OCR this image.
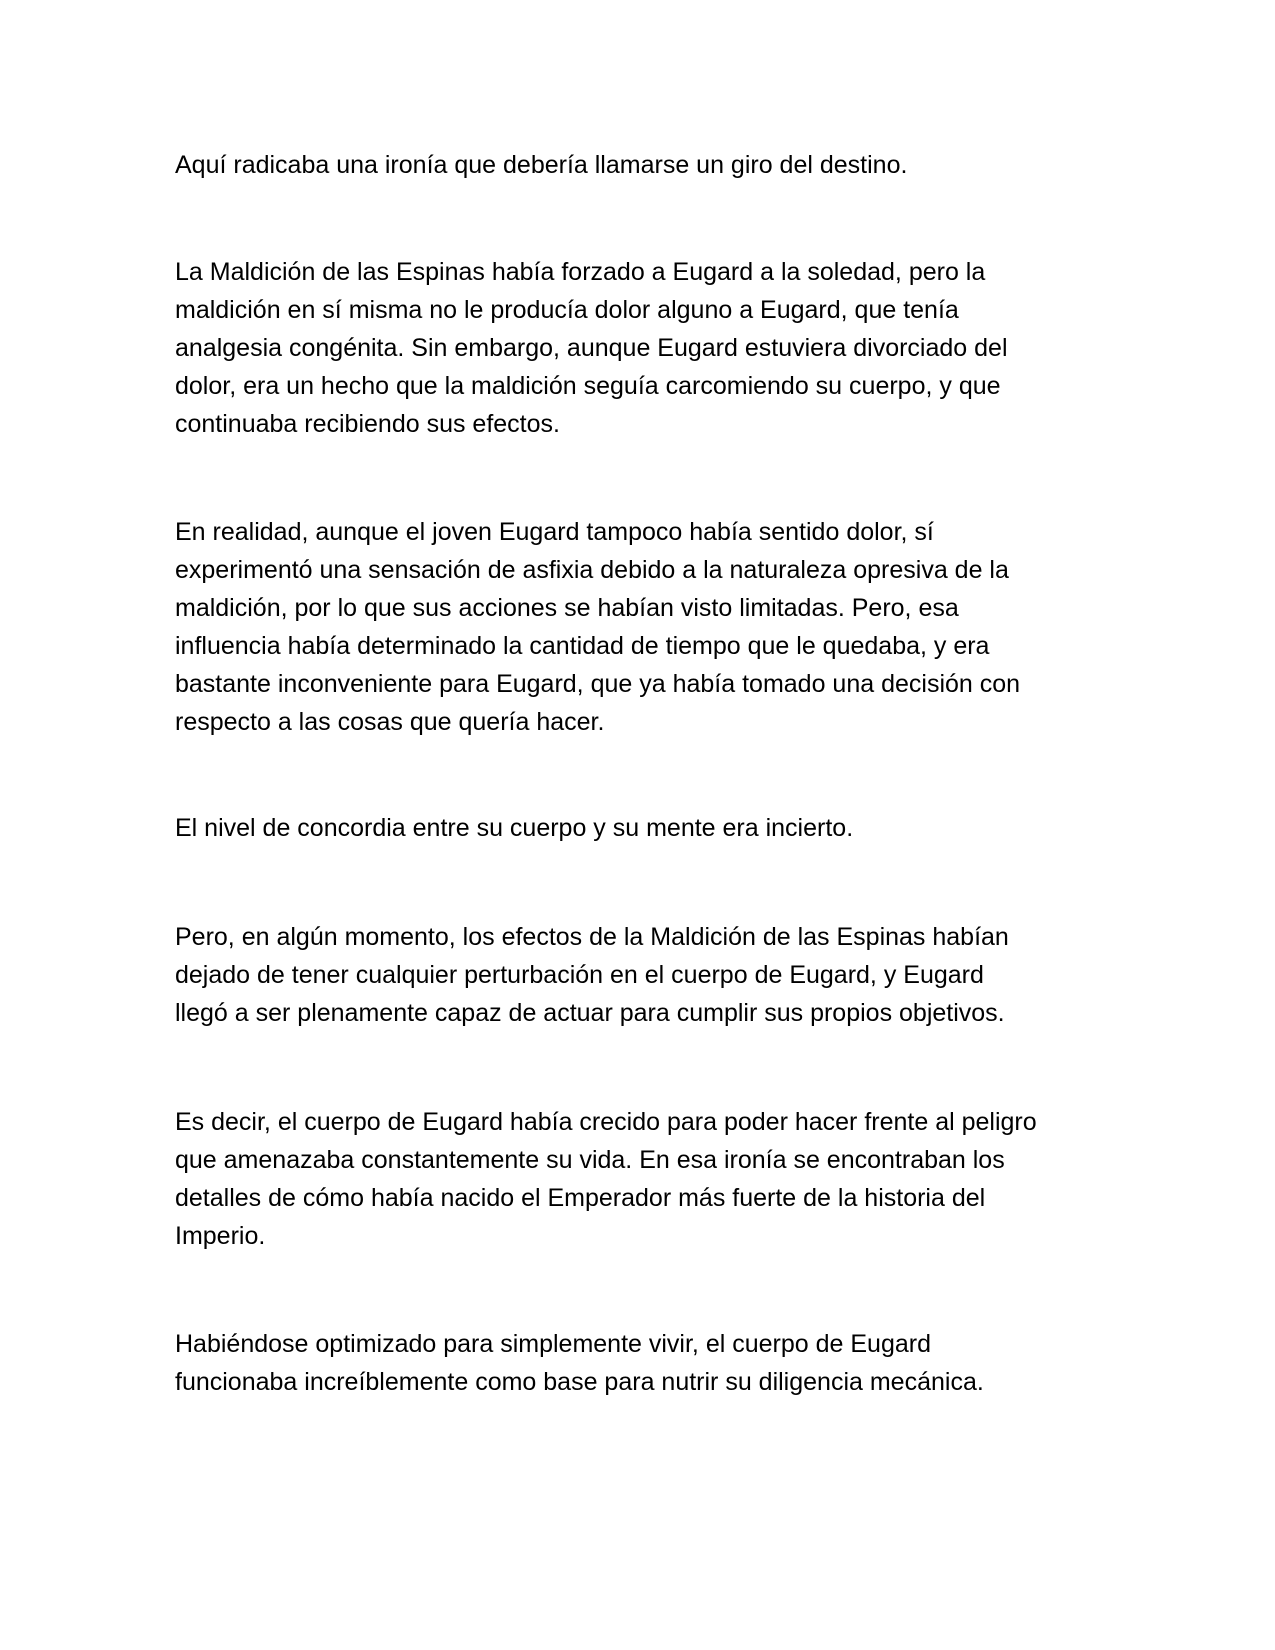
Aquí radicaba una ironía que debería llamarse un giro del destino.

La Maldición de las Espinas había forzado a Eugard a la soledad, pero la
maldición en sí misma no le producía dolor alguno a Eugard, que tenía
analgesia congénita. Sin embargo, aunque Eugard estuviera divorciado del
dolor, era un hecho que la maldición seguía carcomiendo su cuerpo, y que
continuaba recibiendo sus efectos.

En realidad, aunque el joven Eugard tampoco había sentido dolor, sí
experimentó una sensación de asfixia debido a la naturaleza opresiva de la
maldición, por lo que sus acciones se habían visto limitadas. Pero, esa
influencia había determinado la cantidad de tiempo que le quedaba, y era
bastante inconveniente para Eugard, que ya había tomado una decisión con
respecto a las cosas que quería hacer.

El nivel de concordia entre su cuerpo y su mente era incierto.

Pero, en algún momento, los efectos de la Maldición de las Espinas habían
dejado de tener cualquier perturbación en el cuerpo de Eugard, y Eugard
llegó a ser plenamente capaz de actuar para cumplir sus propios objetivos.

Es decir, el cuerpo de Eugard había crecido para poder hacer frente al peligro
que amenazaba constantemente su vida. En esa ironía se encontraban los
detalles de cómo había nacido el Emperador más fuerte de la historia del
Imperio.

Habiéndose optimizado para simplemente vivir, el cuerpo de Eugard
funcionaba increíblemente como base para nutrir su diligencia mecánica.
